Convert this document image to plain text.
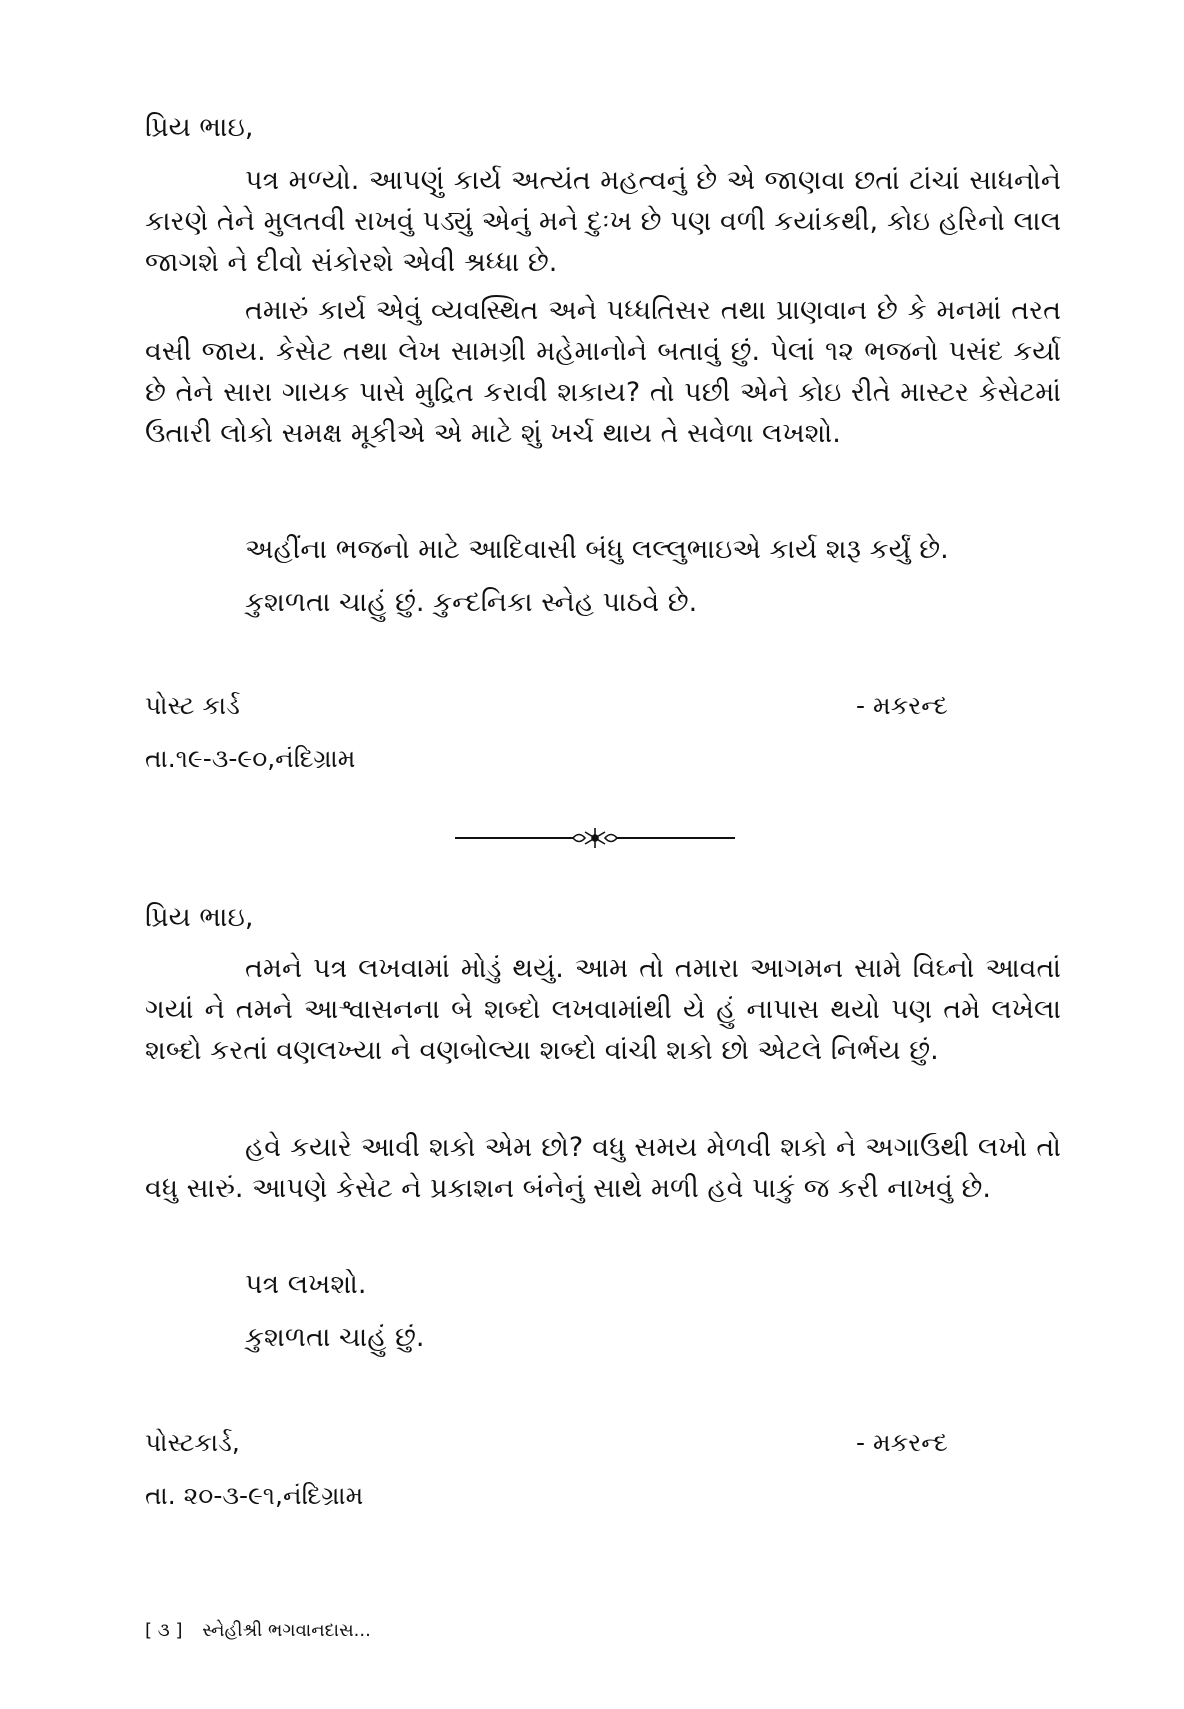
પ્રિય ભાઇ,

પત્ર મળ્યો. આપણું કાર્ય અત્યંત મહત્વનું છે એ જાણવા છતાં ટાંચાં સાધનોને કારણે તેને મુલતવી રાખવું પડ્યું એનું મને દુઃખ છે પણ વળી કયાંકથી, કોઇ હરિનો લાલ જાગશે ને દીવો સંકોરશે એવી શ્રધ્ધા છે.

તમારું કાર્ય એવું વ્યવસ્થિત અને પધ્ધતિસર તથા પ્રાણવાન છે કે મનમાં તરત વસી જાય. કેસેટ તથા લેખ સામગ્રી મહેમાનોને બતાવું છું. પેલાં ૧૨ ભજનો પસંદ કર્યા છે તેને સારા ગાયક પાસે મુદ્રિત કરાવી શકાય? તો પછી એને કોઇ રીતે માસ્ટર કેસેટમાં ઉતારી લોકો સમક્ષ મૂકીએ એ માટે શું ખર્ચ થાય તે સવેળા લખશો.

અહીંના ભજનો માટે આદિવાસી બંધુ લલ્લુભાઇએ કાર્ય શરૂ કર્યું છે.

કુશળતા ચાહું છું. કુન્દનિકા સ્નેહ પાઠવે છે.

પોસ્ટ કાર્ડ	- મકરન્દ
તા.૧૯-૩-૯૦,નંદિગ્રામ

પ્રિય ભાઇ,

તમને પત્ર લખવામાં મોડું થયું. આમ તો તમારા આગમન સામે વિઘ્નો આવતાં ગયાં ને તમને આશ્વાસનના બે શબ્દો લખવામાંથી યે હું નાપાસ થયો પણ તમે લખેલા શબ્દો કરતાં વણલખ્યા ને વણબોલ્યા શબ્દો વાંચી શકો છો એટલે નિર્ભય છું.

હવે કયારે આવી શકો એમ છો? વધુ સમય મેળવી શકો ને અગાઉથી લખો તો વધુ સારું. આપણે કેસેટ ને પ્રકાશન બંનેનું સાથે મળી હવે પાકું જ કરી નાખવું છે.

પત્ર લખશો.

કુશળતા ચાહું છું.

પોસ્ટકાર્ડ,	- મકરન્દ
તા. ૨૦-૩-૯૧,નંદિગ્રામ
[ ૩ ] સ્નેહીશ્રી ભગવાનદાસ...
